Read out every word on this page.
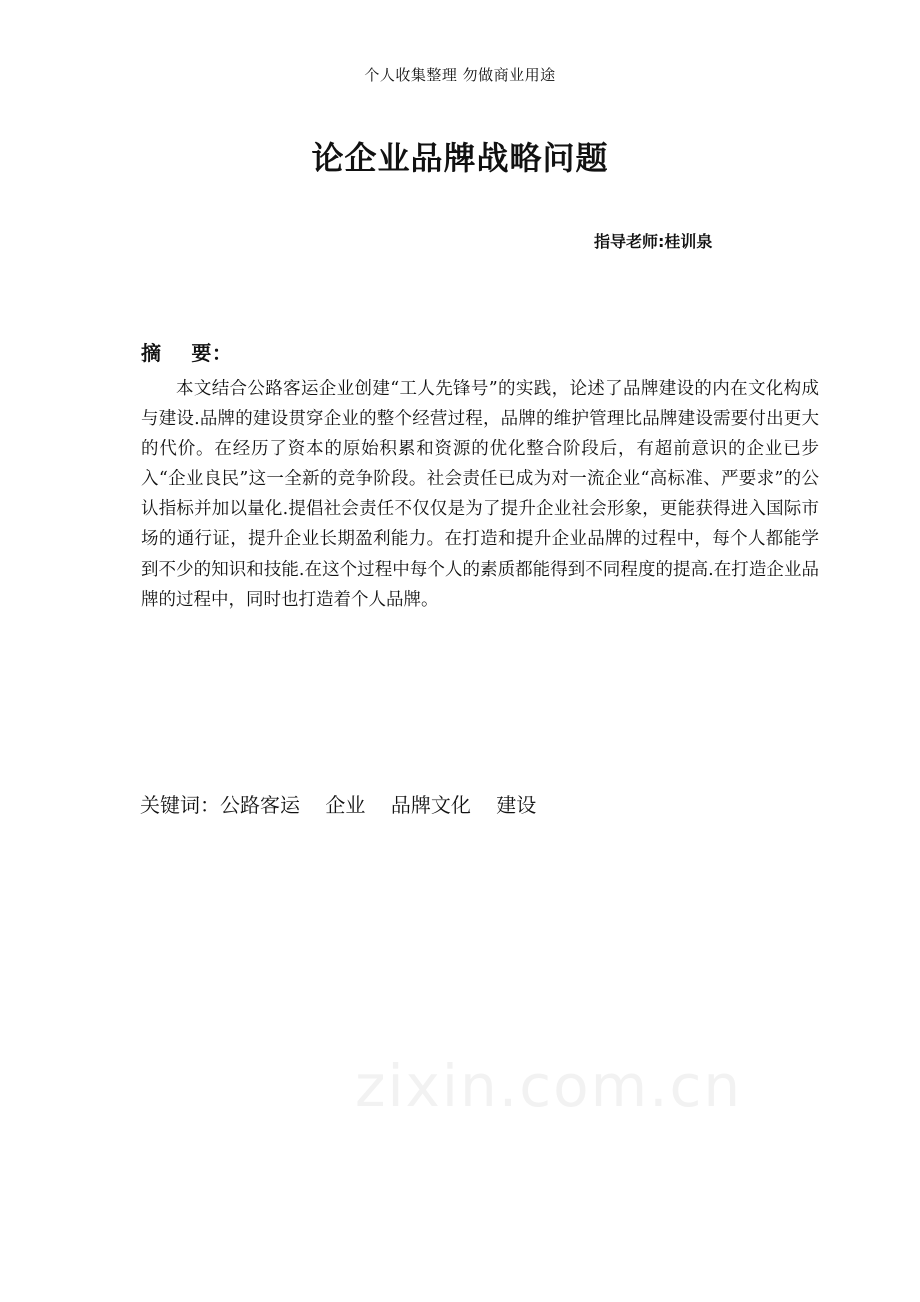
个人收集整理 勿做商业用途
论企业品牌战略问题
指导老师:桂训泉
摘    要：

本文结合公路客运企业创建“工人先锋号”的实践，论述了品牌建设的内在文化构成与建设.品牌的建设贯穿企业的整个经营过程，品牌的维护管理比品牌建设需要付出更大的代价。在经历了资本的原始积累和资源的优化整合阶段后，有超前意识的企业已步入“企业良民”这一全新的竞争阶段。社会责任已成为对一流企业“高标准、严要求”的公认指标并加以量化.提倡社会责任不仅仅是为了提升企业社会形象，更能获得进入国际市场的通行证，提升企业长期盈利能力。在打造和提升企业品牌的过程中，每个人都能学到不少的知识和技能.在这个过程中每个人的素质都能得到不同程度的提高.在打造企业品牌的过程中，同时也打造着个人品牌。

关键词：公路客运    企业    品牌文化    建设
zixin.com.cn
